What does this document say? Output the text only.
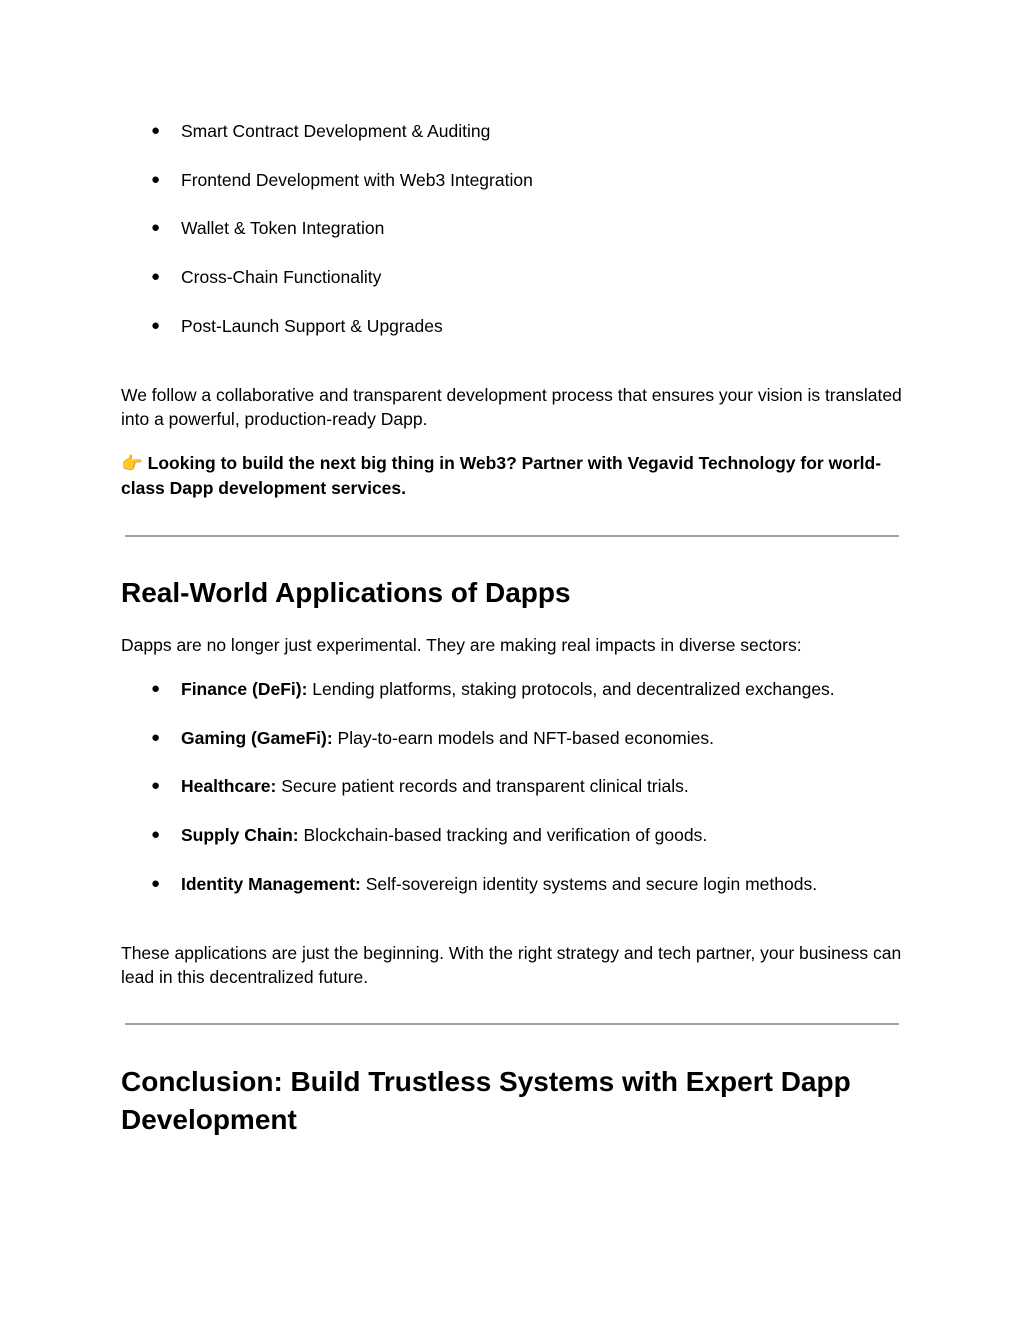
● Smart Contract Development & Auditing
● Frontend Development with Web3 Integration
● Wallet & Token Integration
● Cross-Chain Functionality
● Post-Launch Support & Upgrades

We follow a collaborative and transparent development process that ensures your vision is translated into a powerful, production-ready Dapp.

👉 Looking to build the next big thing in Web3? Partner with Vegavid Technology for world-class Dapp development services.

Real-World Applications of Dapps

Dapps are no longer just experimental. They are making real impacts in diverse sectors:

● Finance (DeFi): Lending platforms, staking protocols, and decentralized exchanges.
● Gaming (GameFi): Play-to-earn models and NFT-based economies.
● Healthcare: Secure patient records and transparent clinical trials.
● Supply Chain: Blockchain-based tracking and verification of goods.
● Identity Management: Self-sovereign identity systems and secure login methods.

These applications are just the beginning. With the right strategy and tech partner, your business can lead in this decentralized future.

Conclusion: Build Trustless Systems with Expert Dapp Development
